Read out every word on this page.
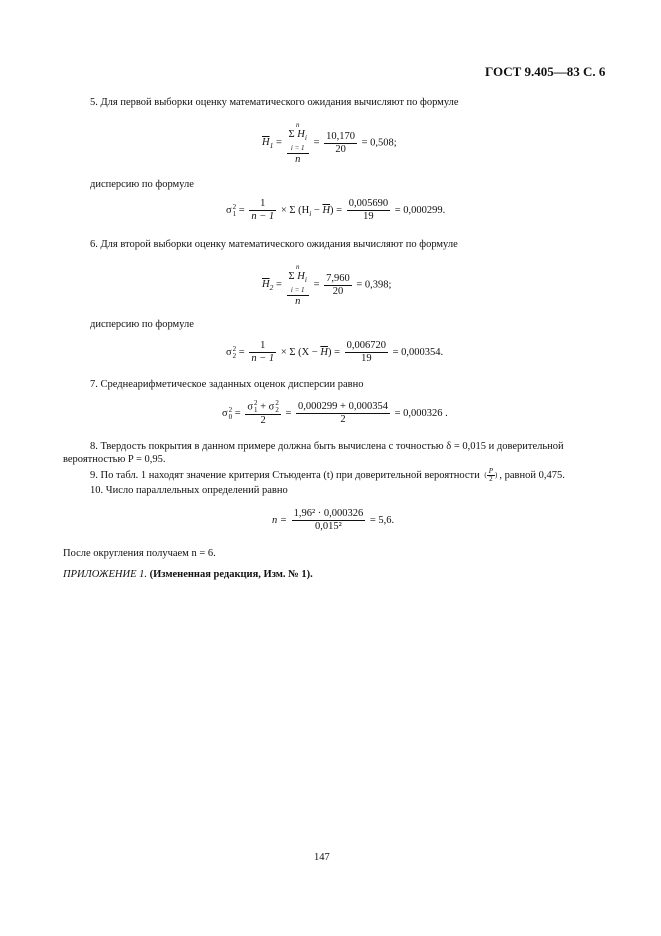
ГОСТ 9.405—83 С. 6
5. Для первой выборки оценку математического ожидания вычисляют по формуле
$\overline{H}_1 = n$
Σ $H_i$
i = 1
$n = \frac{10,170}{20} = 0,508$;
дисперсию по формуле
σ 2
$1 = \frac{1}{n - 1} \times \Sigma$ $(H_i - \overline{H}) = \frac{0,005690}{19} = 0,000299$.
6. Для второй выборки оценку математического ожидания вычисляют по формуле
$\overline{H}_2 = n$
Σ $H_i$
i = 1
$n = \frac{7,960}{20} = 0,398$;
дисперсию по формуле
σ 2
$2 = \frac{1}{n - 1} \times \Sigma$ $(X - \overline{H}) = \frac{0,006720}{19} = 0,000354$.
7. Среднеарифметическое заданных оценок дисперсии равно
σ 2
0 = σ 2
1 + σ 2
2
$2 = \frac{0,000299 + 0,000354}{2} = 0,000326$ .
8. Твердость покрытия в данном примере должна быть вычислена с точностью δ = 0,015 и доверительной
вероятностью P = 0,95.
9. По табл. 1 находят значение критерия Стьюдента (t) при доверительной вероятности ( $\frac{P}{2}$ ) , равной 0,475.
10. Число параллельных определений равно
$n = \frac{\text{1,96² · 0,000326}}{\text{0,015²}} = 5,6$.
После округления получаем n = 6.
ПРИЛОЖЕНИЕ 1. (Измененная редакция, Изм. № 1).
147
